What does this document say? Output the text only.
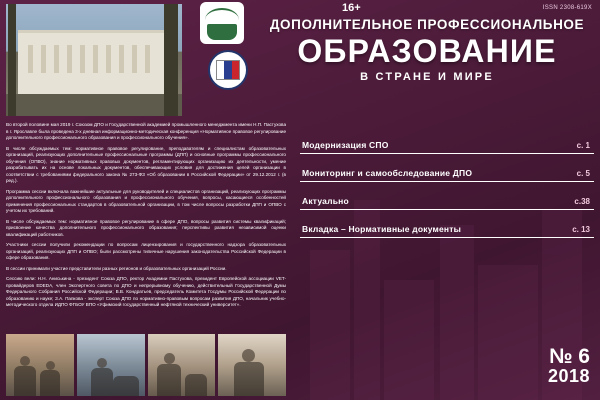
16+	ISSN 2308-619X
ДОПОЛНИТЕЛЬНОЕ ПРОФЕССИОНАЛЬНОЕ
ОБРАЗОВАНИЕ
В СТРАНЕ И МИРЕ

Во второй половине мая 2019 г. Союзом ДПО и Государственной академией промышленного менеджмента имени Н.П. Пастухова в г. Ярославле была проведена 3-х дневная информационно-методическая конференция «Нормативное правовое регулирование дополнительного профессионального образования и профессионального обучения».

В числе обсуждаемых тем: нормативное правовое регулирование, преподавателям и специалистам образовательных организаций, реализующих дополнительные профессиональные программы (ДПП) и основные программы профессионального обучения (ОПВО), знание нормативных правовых документов, регламентирующих организацию их деятельности, умение разрабатывать их на основе локальных документов, обеспечивающих условия для достижения целей организации в соответствии с требованиями федерального закона № 273-ФЗ «Об образовании в Российской Федерации» от 29.12.2012 г. (в ред.).

Программа сессии включала важнейшие актуальные для руководителей и специалистов организаций, реализующих программы дополнительного профессионального образования и профессионального обучения, вопросы, касающиеся особенностей применения профессиональных стандартов в образовательной организации, в том числе вопросы разработки ДПП и ОПВО с учетом их требований.

В числе обсуждаемых тем: нормативное правовое регулирование в сфере ДПО, вопросы развития системы квалификаций; присвоение качества дополнительного профессионального образования; перспективы развития независимой оценки квалификаций работников.

Участники сессии получили рекомендации по вопросам лицензирования и государственного надзора образовательных организаций, реализующих ДПП и ОПВО; были рассмотрены типичные нарушения законодательства Российской Федерации в сфере образования.

В сессии принимали участие представители разных регионов и образовательных организаций России.

Сессию вели: Н.Н. Аниськина - президент Союза ДПО, ректор Академии Пастухова, президент Европейской ассоциации VET-провайдеров EDEDA, член Экспертного совета по ДПО и непрерывному обучению, действительный Государственной Думы Федерального Собрания Российской Федерации; В.В. Кондратьев, председатель Комитета Госдумы Российской Федерации по образованию и науке; З.А. Папкова - эксперт Союза ДПО по нормативно-правовым вопросам развития ДПО, начальник учебно-методического отдела ИДПО ФГБОУ ВПО «Уфимский государственный нефтяной технический университет».

Модернизация СПО	с. 1
Мониторинг и самообследование ДПО	с. 5
Актуально	с.38
Вкладка – Нормативные документы	с. 13
№ 6
2018
